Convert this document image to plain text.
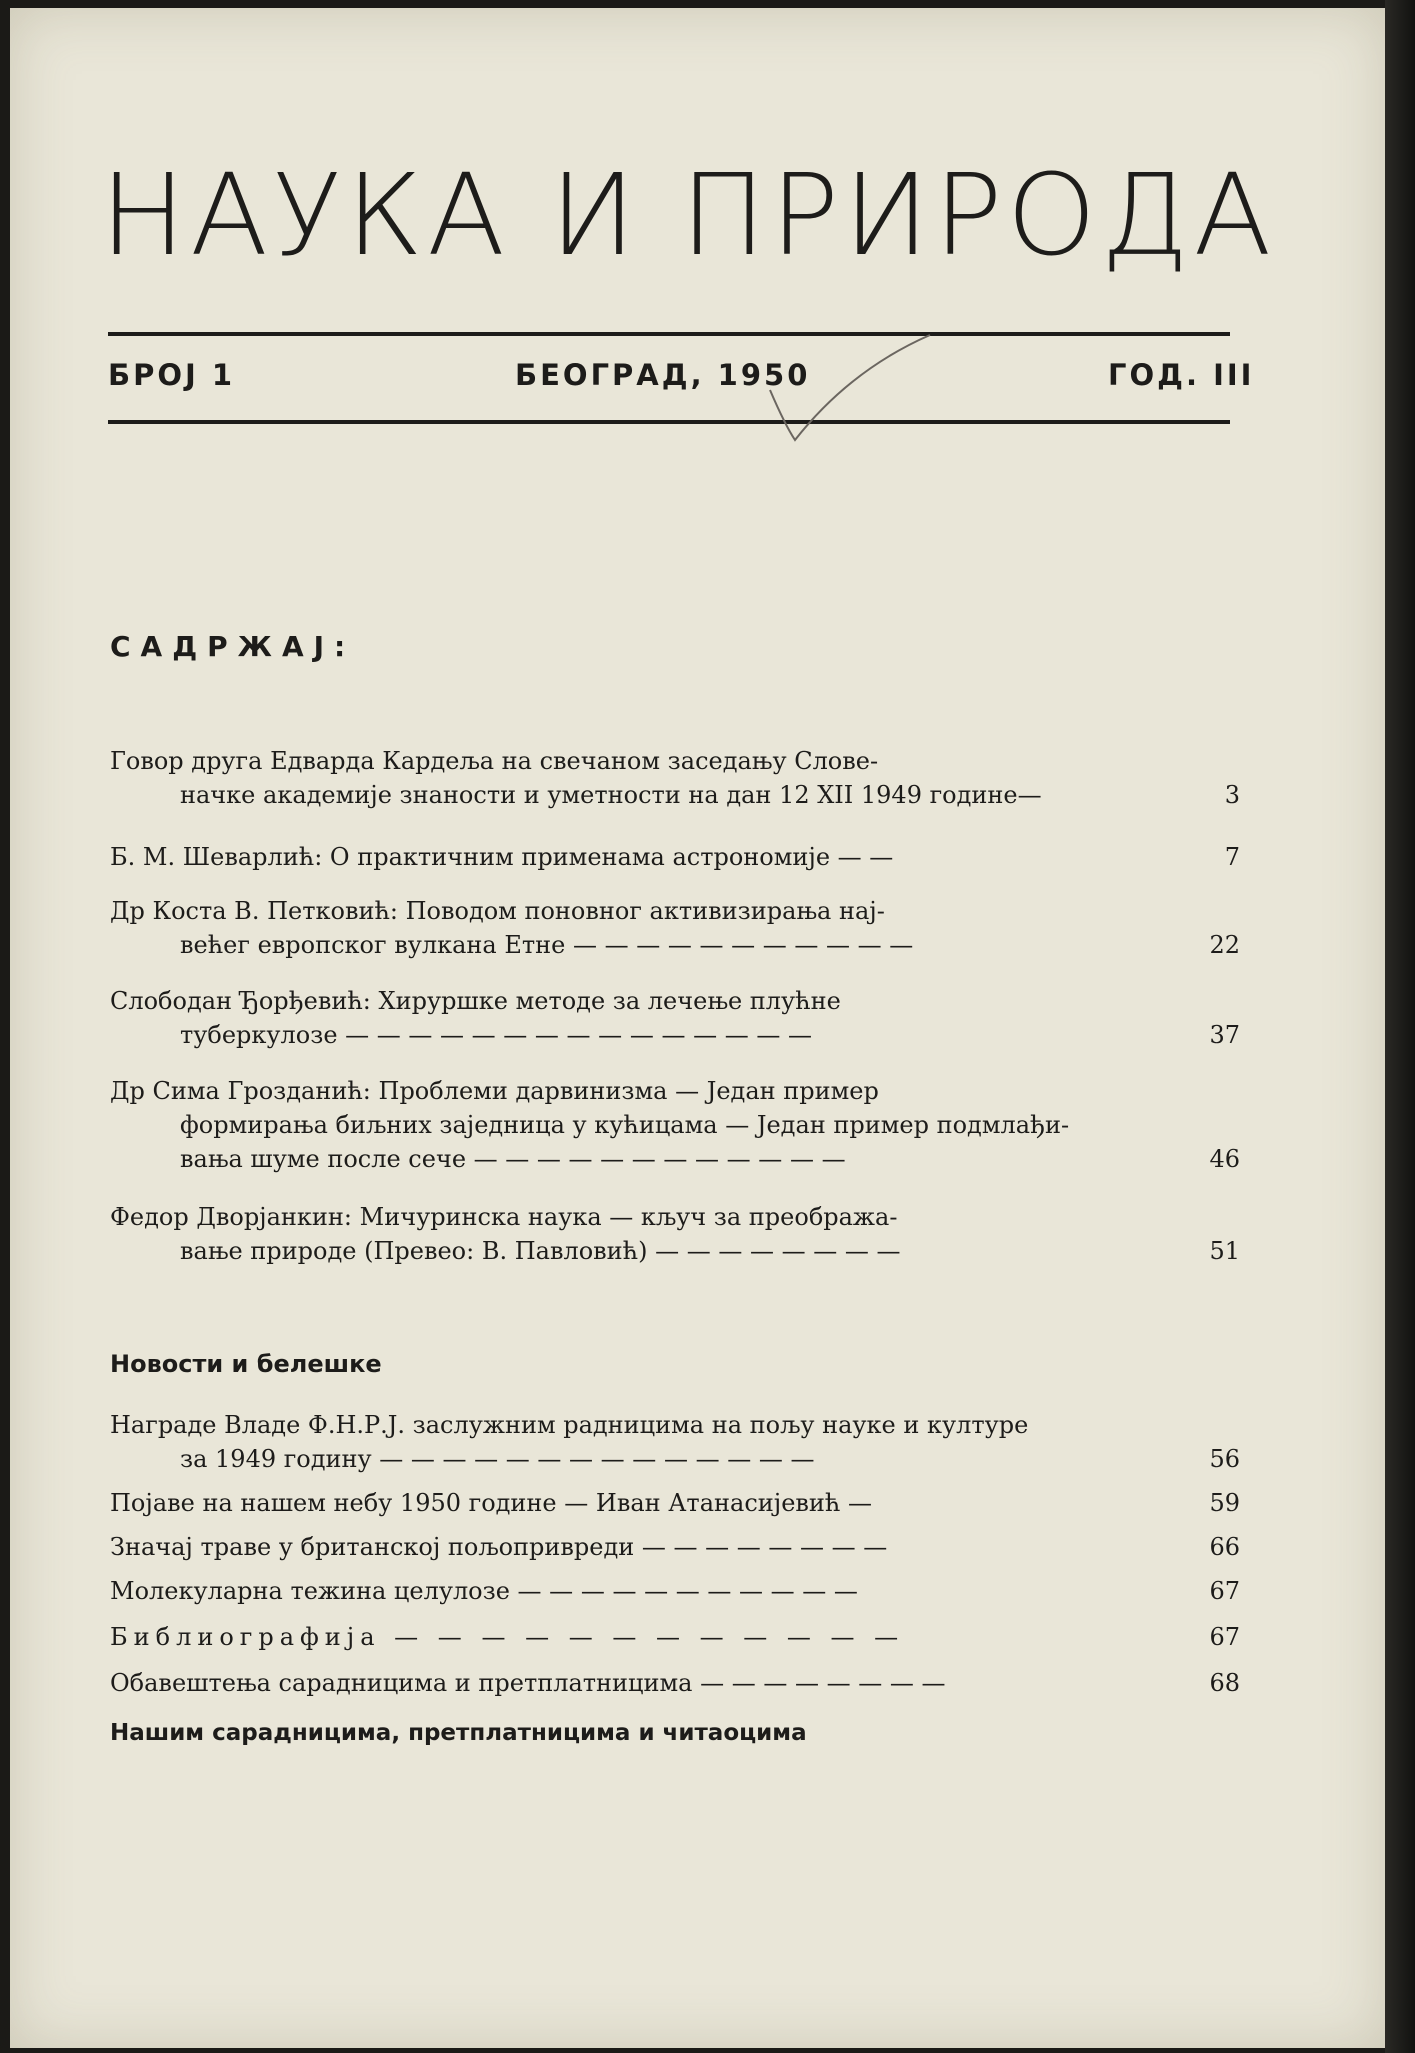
НАУКА И ПРИРОДА
БРОЈ 1	БЕОГРАД, 1950	ГОД. III
САДРЖАЈ:
Говор друга Едварда Кардеља на свечаном заседању Слове-
начке академије знаности и уметности на дан 12 XII 1949 године—	3
Б. М. Шеварлић: О практичним применама астрономије — —	7
Др Коста В. Петковић: Поводом поновног активизирања нај-
већег европског вулкана Етне — — — — — — — — — — —	22
Слободан Ђорђевић: Хируршке методе за лечење плућне
туберкулозе — — — — — — — — — — — — — — —	37
Др Сима Грозданић: Проблеми дарвинизма — Један пример
формирања биљних заједница у кућицама — Један пример подмлађи-
вања шуме после сече — — — — — — — — — — — —	46
Федор Дворјанкин: Мичуринска наука — кључ за преобража-
вање природе (Превео: В. Павловић) — — — — — — — —	51
Новости и белешке
Награде Владе Ф.Н.Р.Ј. заслужним радницима на пољу науке и културе
за 1949 годину — — — — — — — — — — — — — —	56
Појаве на нашем небу 1950 године — Иван Атанасијевић —	59
Значај траве у британској пољопривреди — — — — — — — —	66
Молекуларна тежина целулозе — — — — — — — — — — —	67
Библиографија — — — — — — — — — — — —	67
Обавештења сарадницима и претплатницима — — — — — — — —	68
Нашим сарадницима, претплатницима и читаоцима
